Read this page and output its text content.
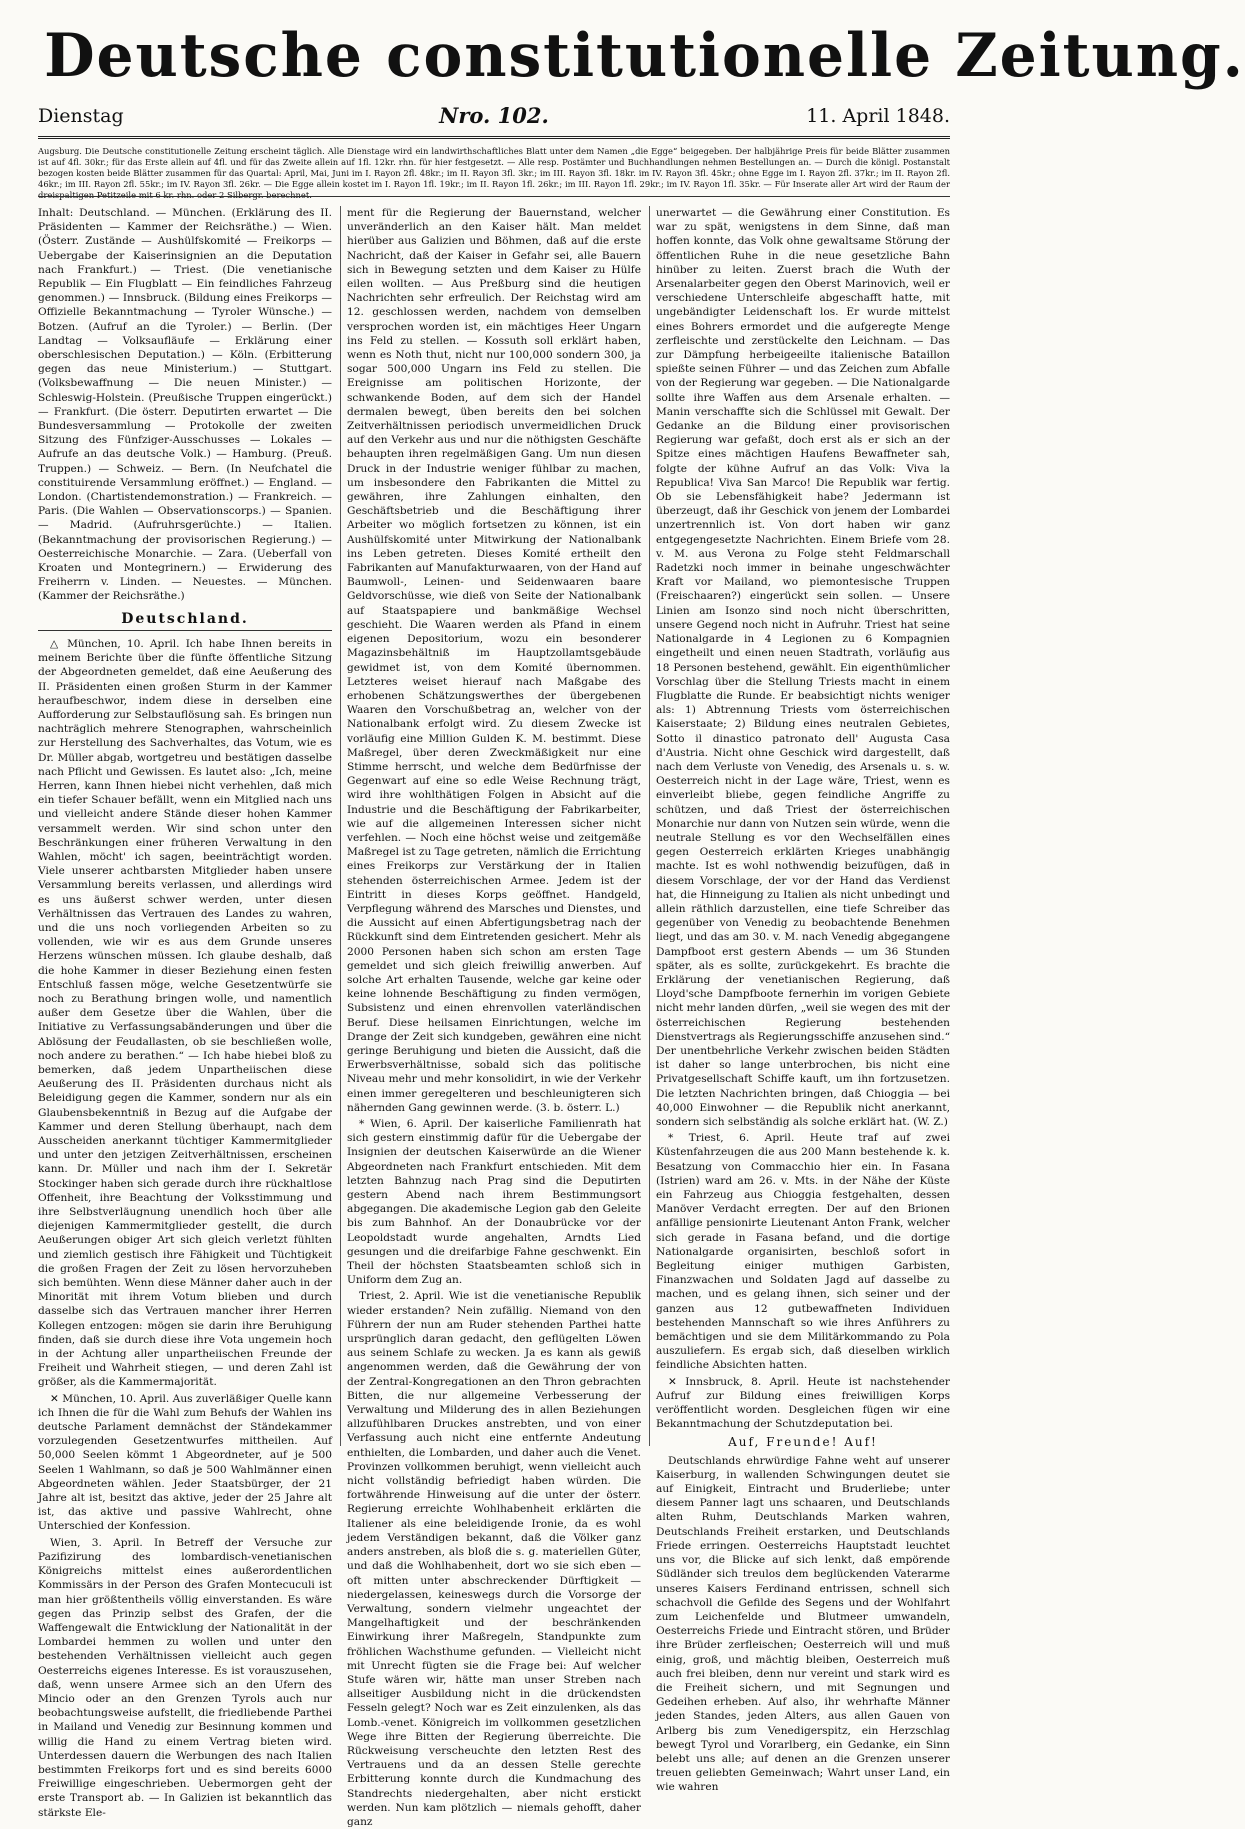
Deutsche constitutionelle Zeitung.
Dienstag	Nro. 102.	11. April 1848.
Augsburg. Die Deutsche constitutionelle Zeitung erscheint täglich. Alle Dienstage wird ein landwirthschaftliches Blatt unter dem Namen „die Egge“ beigegeben. Der halbjährige Preis für beide Blätter zusammen ist auf 4fl. 30kr.; für das Erste allein auf 4fl. und für das Zweite allein auf 1fl. 12kr. rhn. für hier festgesetzt. — Alle resp. Postämter und Buchhandlungen nehmen Bestellungen an. — Durch die königl. Postanstalt bezogen kosten beide Blätter zusammen für das Quartal: April, Mai, Juni im I. Rayon 2fl. 48kr.; im II. Rayon 3fl. 3kr.; im III. Rayon 3fl. 18kr. im IV. Rayon 3fl. 45kr.; ohne Egge im I. Rayon 2fl. 37kr.; im II. Rayon 2fl. 46kr.; im III. Rayon 2fl. 55kr.; im IV. Rayon 3fl. 26kr. — Die Egge allein kostet im I. Rayon 1fl. 19kr.; im II. Rayon 1fl. 26kr.; im III. Rayon 1fl. 29kr.; im IV. Rayon 1fl. 35kr. — Für Inserate aller Art wird der Raum der dreispaltigen Petitzeile mit 6 kr. rhn. oder 2 Silbergr. berechnet.

Inhalt: Deutschland. — München. (Erklärung des II. Präsidenten — Kammer der Reichsräthe.) — Wien. (Österr. Zustände — Aushülfskomité — Freikorps — Uebergabe der Kaiserinsignien an die Deputation nach Frankfurt.) — Triest. (Die venetianische Republik — Ein Flugblatt — Ein feindliches Fahrzeug genommen.) — Innsbruck. (Bildung eines Freikorps — Offizielle Bekanntmachung — Tyroler Wünsche.) — Botzen. (Aufruf an die Tyroler.) — Berlin. (Der Landtag — Volksaufläufe — Erklärung einer oberschlesischen Deputation.) — Köln. (Erbitterung gegen das neue Ministerium.) — Stuttgart. (Volksbewaffnung — Die neuen Minister.) — Schleswig-Holstein. (Preußische Truppen eingerückt.) — Frankfurt. (Die österr. Deputirten erwartet — Die Bundesversammlung — Protokolle der zweiten Sitzung des Fünfziger-Ausschusses — Lokales — Aufrufe an das deutsche Volk.) — Hamburg. (Preuß. Truppen.) — Schweiz. — Bern. (In Neufchatel die constituirende Versammlung eröffnet.) — England. — London. (Chartistendemonstration.) — Frankreich. — Paris. (Die Wahlen — Observationscorps.) — Spanien. — Madrid. (Aufruhrsgerüchte.) — Italien. (Bekanntmachung der provisorischen Regierung.) — Oesterreichische Monarchie. — Zara. (Ueberfall von Kroaten und Montegrinern.) — Erwiderung des Freiherrn v. Linden. — Neuestes. — München. (Kammer der Reichsräthe.)

Deutschland.

△ München, 10. April. Ich habe Ihnen bereits in meinem Berichte über die fünfte öffentliche Sitzung der Abgeordneten gemeldet, daß eine Aeußerung des II. Präsidenten einen großen Sturm in der Kammer heraufbeschwor, indem diese in derselben eine Aufforderung zur Selbstauflösung sah. Es bringen nun nachträglich mehrere Stenographen, wahrscheinlich zur Herstellung des Sachverhaltes, das Votum, wie es Dr. Müller abgab, wortgetreu und bestätigen dasselbe nach Pflicht und Gewissen. Es lautet also: „Ich, meine Herren, kann Ihnen hiebei nicht verhehlen, daß mich ein tiefer Schauer befällt, wenn ein Mitglied nach uns und vielleicht andere Stände dieser hohen Kammer versammelt werden. Wir sind schon unter den Beschränkungen einer früheren Verwaltung in den Wahlen, möcht' ich sagen, beeinträchtigt worden. Viele unserer achtbarsten Mitglieder haben unsere Versammlung bereits verlassen, und allerdings wird es uns äußerst schwer werden, unter diesen Verhältnissen das Vertrauen des Landes zu wahren, und die uns noch vorliegenden Arbeiten so zu vollenden, wie wir es aus dem Grunde unseres Herzens wünschen müssen. Ich glaube deshalb, daß die hohe Kammer in dieser Beziehung einen festen Entschluß fassen möge, welche Gesetzentwürfe sie noch zu Berathung bringen wolle, und namentlich außer dem Gesetze über die Wahlen, über die Initiative zu Verfassungsabänderungen und über die Ablösung der Feudallasten, ob sie beschließen wolle, noch andere zu berathen.“ — Ich habe hiebei bloß zu bemerken, daß jedem Unpartheiischen diese Aeußerung des II. Präsidenten durchaus nicht als Beleidigung gegen die Kammer, sondern nur als ein Glaubensbekenntniß in Bezug auf die Aufgabe der Kammer und deren Stellung überhaupt, nach dem Ausscheiden anerkannt tüchtiger Kammermitglieder und unter den jetzigen Zeitverhältnissen, erscheinen kann. Dr. Müller und nach ihm der I. Sekretär Stockinger haben sich gerade durch ihre rückhaltlose Offenheit, ihre Beachtung der Volksstimmung und ihre Selbstverläugnung unendlich hoch über alle diejenigen Kammermitglieder gestellt, die durch Aeußerungen obiger Art sich gleich verletzt fühlten und ziemlich gestisch ihre Fähigkeit und Tüchtigkeit die großen Fragen der Zeit zu lösen hervorzuheben sich bemühten. Wenn diese Männer daher auch in der Minorität mit ihrem Votum blieben und durch dasselbe sich das Vertrauen mancher ihrer Herren Kollegen entzogen: mögen sie darin ihre Beruhigung finden, daß sie durch diese ihre Vota ungemein hoch in der Achtung aller unpartheiischen Freunde der Freiheit und Wahrheit stiegen, — und deren Zahl ist größer, als die Kammermajorität.

✕ München, 10. April. Aus zuverläßiger Quelle kann ich Ihnen die für die Wahl zum Behufs der Wahlen ins deutsche Parlament demnächst der Ständekammer vorzulegenden Gesetzentwurfes mittheilen. Auf 50,000 Seelen kömmt 1 Abgeordneter, auf je 500 Seelen 1 Wahlmann, so daß je 500 Wahlmänner einen Abgeordneten wählen. Jeder Staatsbürger, der 21 Jahre alt ist, besitzt das aktive, jeder der 25 Jahre alt ist, das aktive und passive Wahlrecht, ohne Unterschied der Konfession.

Wien, 3. April. In Betreff der Versuche zur Pazifizirung des lombardisch-venetianischen Königreichs mittelst eines außerordentlichen Kommissärs in der Person des Grafen Montecuculi ist man hier größtentheils völlig einverstanden. Es wäre gegen das Prinzip selbst des Grafen, der die Waffengewalt die Entwicklung der Nationalität in der Lombardei hemmen zu wollen und unter den bestehenden Verhältnissen vielleicht auch gegen Oesterreichs eigenes Interesse. Es ist vorauszusehen, daß, wenn unsere Armee sich an den Ufern des Mincio oder an den Grenzen Tyrols auch nur beobachtungsweise aufstellt, die friedliebende Parthei in Mailand und Venedig zur Besinnung kommen und willig die Hand zu einem Vertrag bieten wird. Unterdessen dauern die Werbungen des nach Italien bestimmten Freikorps fort und es sind bereits 6000 Freiwillige eingeschrieben. Uebermorgen geht der erste Transport ab. — In Galizien ist bekanntlich das stärkste Ele-

ment für die Regierung der Bauernstand, welcher unveränderlich an den Kaiser hält. Man meldet hierüber aus Galizien und Böhmen, daß auf die erste Nachricht, daß der Kaiser in Gefahr sei, alle Bauern sich in Bewegung setzten und dem Kaiser zu Hülfe eilen wollten. — Aus Preßburg sind die heutigen Nachrichten sehr erfreulich. Der Reichstag wird am 12. geschlossen werden, nachdem von demselben versprochen worden ist, ein mächtiges Heer Ungarn ins Feld zu stellen. — Kossuth soll erklärt haben, wenn es Noth thut, nicht nur 100,000 sondern 300, ja sogar 500,000 Ungarn ins Feld zu stellen. Die Ereignisse am politischen Horizonte, der schwankende Boden, auf dem sich der Handel dermalen bewegt, üben bereits den bei solchen Zeitverhältnissen periodisch unvermeidlichen Druck auf den Verkehr aus und nur die nöthigsten Geschäfte behaupten ihren regelmäßigen Gang. Um nun diesen Druck in der Industrie weniger fühlbar zu machen, um insbesondere den Fabrikanten die Mittel zu gewähren, ihre Zahlungen einhalten, den Geschäftsbetrieb und die Beschäftigung ihrer Arbeiter wo möglich fortsetzen zu können, ist ein Aushülfskomité unter Mitwirkung der Nationalbank ins Leben getreten. Dieses Komité ertheilt den Fabrikanten auf Manufakturwaaren, von der Hand auf Baumwoll-, Leinen- und Seidenwaaren baare Geldvorschüsse, wie dieß von Seite der Nationalbank auf Staatspapiere und bankmäßige Wechsel geschieht. Die Waaren werden als Pfand in einem eigenen Depositorium, wozu ein besonderer Magazinsbehältniß im Hauptzollamtsgebäude gewidmet ist, von dem Komité übernommen. Letzteres weiset hierauf nach Maßgabe des erhobenen Schätzungswerthes der übergebenen Waaren den Vorschußbetrag an, welcher von der Nationalbank erfolgt wird. Zu diesem Zwecke ist vorläufig eine Million Gulden K. M. bestimmt. Diese Maßregel, über deren Zweckmäßigkeit nur eine Stimme herrscht, und welche dem Bedürfnisse der Gegenwart auf eine so edle Weise Rechnung trägt, wird ihre wohlthätigen Folgen in Absicht auf die Industrie und die Beschäftigung der Fabrikarbeiter, wie auf die allgemeinen Interessen sicher nicht verfehlen. — Noch eine höchst weise und zeitgemäße Maßregel ist zu Tage getreten, nämlich die Errichtung eines Freikorps zur Verstärkung der in Italien stehenden österreichischen Armee. Jedem ist der Eintritt in dieses Korps geöffnet. Handgeld, Verpflegung während des Marsches und Dienstes, und die Aussicht auf einen Abfertigungsbetrag nach der Rückkunft sind dem Eintretenden gesichert. Mehr als 2000 Personen haben sich schon am ersten Tage gemeldet und sich gleich freiwillig anwerben. Auf solche Art erhalten Tausende, welche gar keine oder keine lohnende Beschäftigung zu finden vermögen, Subsistenz und einen ehrenvollen vaterländischen Beruf. Diese heilsamen Einrichtungen, welche im Drange der Zeit sich kundgeben, gewähren eine nicht geringe Beruhigung und bieten die Aussicht, daß die Erwerbsverhältnisse, sobald sich das politische Niveau mehr und mehr konsolidirt, in wie der Verkehr einen immer geregelteren und beschleunigteren sich nähernden Gang gewinnen werde. (3. b. österr. L.)

* Wien, 6. April. Der kaiserliche Familienrath hat sich gestern einstimmig dafür für die Uebergabe der Insignien der deutschen Kaiserwürde an die Wiener Abgeordneten nach Frankfurt entschieden. Mit dem letzten Bahnzug nach Prag sind die Deputirten gestern Abend nach ihrem Bestimmungsort abgegangen. Die akademische Legion gab den Geleite bis zum Bahnhof. An der Donaubrücke vor der Leopoldstadt wurde angehalten, Arndts Lied gesungen und die dreifarbige Fahne geschwenkt. Ein Theil der höchsten Staatsbeamten schloß sich in Uniform dem Zug an.

Triest, 2. April. Wie ist die venetianische Republik wieder erstanden? Nein zufällig. Niemand von den Führern der nun am Ruder stehenden Parthei hatte ursprünglich daran gedacht, den geflügelten Löwen aus seinem Schlafe zu wecken. Ja es kann als gewiß angenommen werden, daß die Gewährung der von der Zentral-Kongregationen an den Thron gebrachten Bitten, die nur allgemeine Verbesserung der Verwaltung und Milderung des in allen Beziehungen allzufühlbaren Druckes anstrebten, und von einer Verfassung auch nicht eine entfernte Andeutung enthielten, die Lombarden, und daher auch die Venet. Provinzen vollkommen beruhigt, wenn vielleicht auch nicht vollständig befriedigt haben würden. Die fortwährende Hinweisung auf die unter der österr. Regierung erreichte Wohlhabenheit erklärten die Italiener als eine beleidigende Ironie, da es wohl jedem Verständigen bekannt, daß die Völker ganz anders anstreben, als bloß die s. g. materiellen Güter, und daß die Wohlhabenheit, dort wo sie sich eben — oft mitten unter abschreckender Dürftigkeit — niedergelassen, keineswegs durch die Vorsorge der Verwaltung, sondern vielmehr ungeachtet der Mangelhaftigkeit und der beschränkenden Einwirkung ihrer Maßregeln, Standpunkte zum fröhlichen Wachsthume gefunden. — Vielleicht nicht mit Unrecht fügten sie die Frage bei: Auf welcher Stufe wären wir, hätte man unser Streben nach allseitiger Ausbildung nicht in die drückendsten Fesseln gelegt? Noch war es Zeit einzulenken, als das Lomb.-venet. Königreich im vollkommen gesetzlichen Wege ihre Bitten der Regierung überreichte. Die Rückweisung verscheuchte den letzten Rest des Vertrauens und da an dessen Stelle gerechte Erbitterung konnte durch die Kundmachung des Standrechts niedergehalten, aber nicht erstickt werden. Nun kam plötzlich — niemals gehofft, daher ganz

unerwartet — die Gewährung einer Constitution. Es war zu spät, wenigstens in dem Sinne, daß man hoffen konnte, das Volk ohne gewaltsame Störung der öffentlichen Ruhe in die neue gesetzliche Bahn hinüber zu leiten. Zuerst brach die Wuth der Arsenalarbeiter gegen den Oberst Marinovich, weil er verschiedene Unterschleife abgeschafft hatte, mit ungebändigter Leidenschaft los. Er wurde mittelst eines Bohrers ermordet und die aufgeregte Menge zerfleischte und zerstückelte den Leichnam. — Das zur Dämpfung herbeigeeilte italienische Bataillon spießte seinen Führer — und das Zeichen zum Abfalle von der Regierung war gegeben. — Die Nationalgarde sollte ihre Waffen aus dem Arsenale erhalten. — Manin verschaffte sich die Schlüssel mit Gewalt. Der Gedanke an die Bildung einer provisorischen Regierung war gefaßt, doch erst als er sich an der Spitze eines mächtigen Haufens Bewaffneter sah, folgte der kühne Aufruf an das Volk: Viva la Republica! Viva San Marco! Die Republik war fertig. Ob sie Lebensfähigkeit habe? Jedermann ist überzeugt, daß ihr Geschick von jenem der Lombardei unzertrennlich ist. Von dort haben wir ganz entgegengesetzte Nachrichten. Einem Briefe vom 28. v. M. aus Verona zu Folge steht Feldmarschall Radetzki noch immer in beinahe ungeschwächter Kraft vor Mailand, wo piemontesische Truppen (Freischaaren?) eingerückt sein sollen. — Unsere Linien am Isonzo sind noch nicht überschritten, unsere Gegend noch nicht in Aufruhr. Triest hat seine Nationalgarde in 4 Legionen zu 6 Kompagnien eingetheilt und einen neuen Stadtrath, vorläufig aus 18 Personen bestehend, gewählt. Ein eigenthümlicher Vorschlag über die Stellung Triests macht in einem Flugblatte die Runde. Er beabsichtigt nichts weniger als: 1) Abtrennung Triests vom österreichischen Kaiserstaate; 2) Bildung eines neutralen Gebietes, Sotto il dinastico patronato dell' Augusta Casa d'Austria. Nicht ohne Geschick wird dargestellt, daß nach dem Verluste von Venedig, des Arsenals u. s. w. Oesterreich nicht in der Lage wäre, Triest, wenn es einverleibt bliebe, gegen feindliche Angriffe zu schützen, und daß Triest der österreichischen Monarchie nur dann von Nutzen sein würde, wenn die neutrale Stellung es vor den Wechselfällen eines gegen Oesterreich erklärten Krieges unabhängig machte. Ist es wohl nothwendig beizufügen, daß in diesem Vorschlage, der vor der Hand das Verdienst hat, die Hinneigung zu Italien als nicht unbedingt und allein räthlich darzustellen, eine tiefe Schreiber das gegenüber von Venedig zu beobachtende Benehmen liegt, und das am 30. v. M. nach Venedig abgegangene Dampfboot erst gestern Abends — um 36 Stunden später, als es sollte, zurückgekehrt. Es brachte die Erklärung der venetianischen Regierung, daß Lloyd'sche Dampfboote fernerhin im vorigen Gebiete nicht mehr landen dürfen, „weil sie wegen des mit der österreichischen Regierung bestehenden Dienstvertrags als Regierungsschiffe anzusehen sind.“ Der unentbehrliche Verkehr zwischen beiden Städten ist daher so lange unterbrochen, bis nicht eine Privatgesellschaft Schiffe kauft, um ihn fortzusetzen. Die letzten Nachrichten bringen, daß Chioggia — bei 40,000 Einwohner — die Republik nicht anerkannt, sondern sich selbständig als solche erklärt hat. (W. Z.)

* Triest, 6. April. Heute traf auf zwei Küstenfahrzeugen die aus 200 Mann bestehende k. k. Besatzung von Commacchio hier ein. In Fasana (Istrien) ward am 26. v. Mts. in der Nähe der Küste ein Fahrzeug aus Chioggia festgehalten, dessen Manöver Verdacht erregten. Der auf den Brionen anfällige pensionirte Lieutenant Anton Frank, welcher sich gerade in Fasana befand, und die dortige Nationalgarde organisirten, beschloß sofort in Begleitung einiger muthigen Garbisten, Finanzwachen und Soldaten Jagd auf dasselbe zu machen, und es gelang ihnen, sich seiner und der ganzen aus 12 gutbewaffneten Individuen bestehenden Mannschaft so wie ihres Anführers zu bemächtigen und sie dem Militärkommando zu Pola auszuliefern. Es ergab sich, daß dieselben wirklich feindliche Absichten hatten.

✕ Innsbruck, 8. April. Heute ist nachstehender Aufruf zur Bildung eines freiwilligen Korps veröffentlicht worden. Desgleichen fügen wir eine Bekanntmachung der Schutzdeputation bei.

Auf, Freunde! Auf!

Deutschlands ehrwürdige Fahne weht auf unserer Kaiserburg, in wallenden Schwingungen deutet sie auf Einigkeit, Eintracht und Bruderliebe; unter diesem Panner lagt uns schaaren, und Deutschlands alten Ruhm, Deutschlands Marken wahren, Deutschlands Freiheit erstarken, und Deutschlands Friede erringen. Oesterreichs Hauptstadt leuchtet uns vor, die Blicke auf sich lenkt, daß empörende Südländer sich treulos dem beglückenden Vaterarme unseres Kaisers Ferdinand entrissen, schnell sich schachvoll die Gefilde des Segens und der Wohlfahrt zum Leichenfelde und Blutmeer umwandeln, Oesterreichs Friede und Eintracht stören, und Brüder ihre Brüder zerfleischen; Oesterreich will und muß einig, groß, und mächtig bleiben, Oesterreich muß auch frei bleiben, denn nur vereint und stark wird es die Freiheit sichern, und mit Segnungen und Gedeihen erheben. Auf also, ihr wehrhafte Männer jeden Standes, jeden Alters, aus allen Gauen von Arlberg bis zum Venedigerspitz, ein Herzschlag bewegt Tyrol und Vorarlberg, ein Gedanke, ein Sinn belebt uns alle; auf denen an die Grenzen unserer treuen geliebten Gemeinwach; Wahrt unser Land, ein wie wahren
